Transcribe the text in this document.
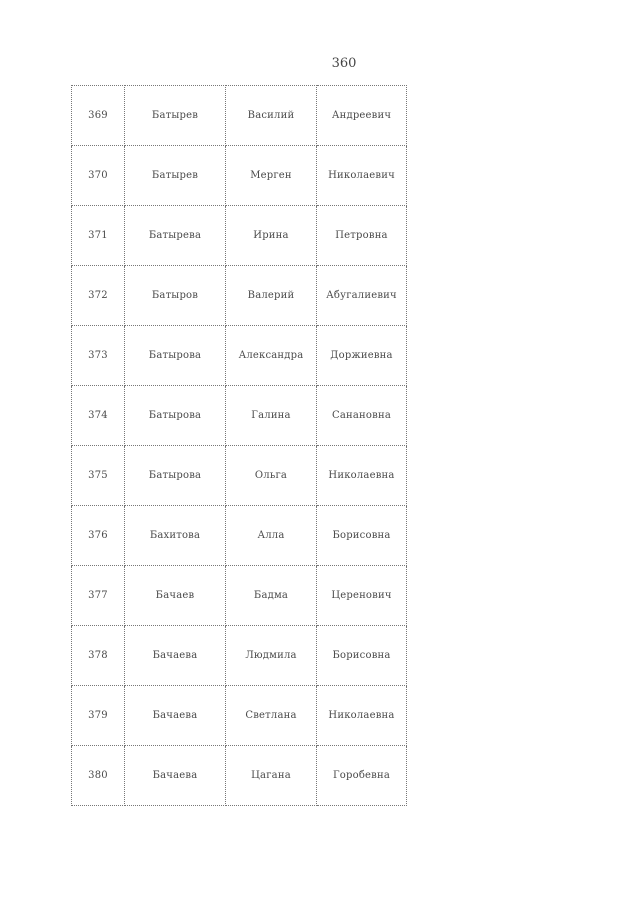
360
369	Батырев	Василий	Андреевич
370	Батырев	Мерген	Николаевич
371	Батырева	Ирина	Петровна
372	Батыров	Валерий	Абугалиевич
373	Батырова	Александра	Доржиевна
374	Батырова	Галина	Санановна
375	Батырова	Ольга	Николаевна
376	Бахитова	Алла	Борисовна
377	Бачаев	Бадма	Церенович
378	Бачаева	Людмила	Борисовна
379	Бачаева	Светлана	Николаевна
380	Бачаева	Цагана	Горобевна
